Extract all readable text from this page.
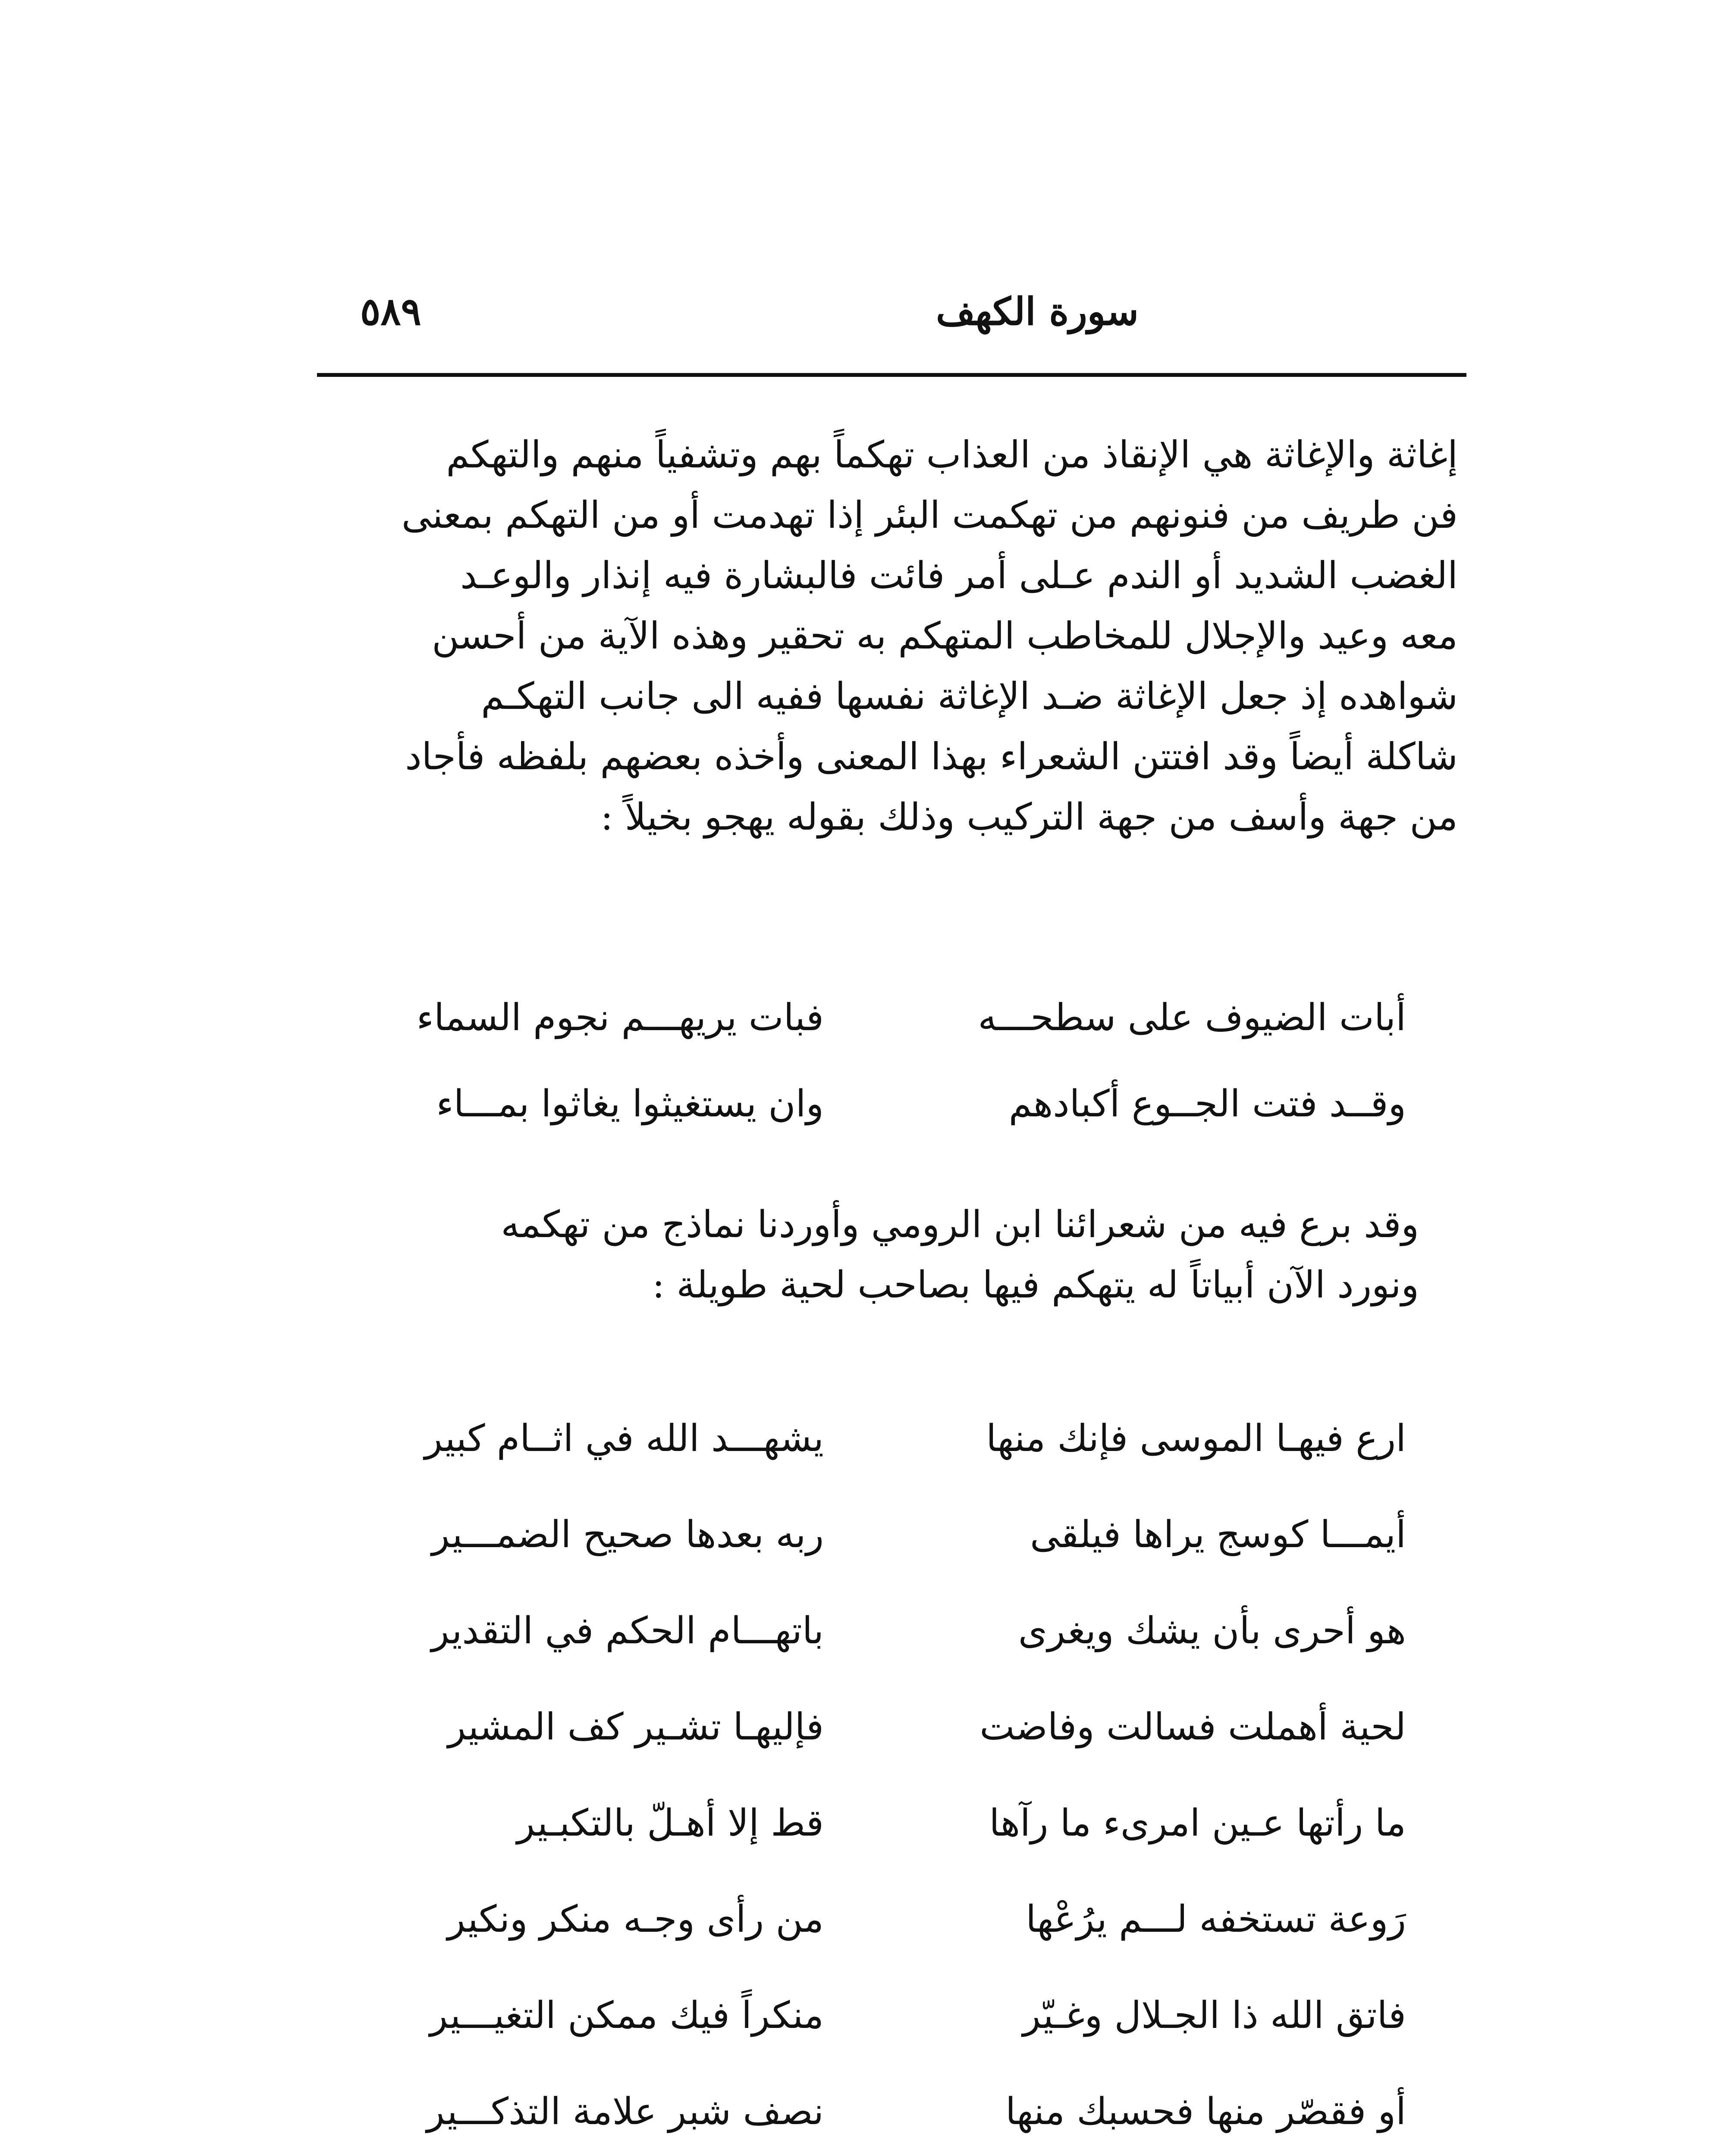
سورة الكهف
٥٨٩

إغاثة والإغاثة هي الإنقاذ من العذاب تهكماً بهم وتشفياً منهم والتهكم

فن طريف من فنونهم من تهكمت البئر إذا تهدمت أو من التهكم بمعنى

الغضب الشديد أو الندم عـلى أمر فائت فالبشارة فيه إنذار والوعـد

معه وعيد والإجلال للمخاطب المتهكم به تحقير وهذه الآية من أحسن

شواهده إذ جعل الإغاثة ضـد الإغاثة نفسها ففيه الى جانب التهكـم

شاكلة أيضاً وقد افتتن الشعراء بهذا المعنى وأخذه بعضهم بلفظه فأجاد

من جهة وأسف من جهة التركيب وذلك بقوله يهجو بخيلاً :

أبات الضيوف على سطحـــه
فبات يريهـــم نجوم السماء
وقــد فتت الجــوع أكبادهم
وان يستغيثوا يغاثوا بمـــاء

وقد برع فيه من شعرائنا ابن الرومي وأوردنا نماذج من تهكمه

ونورد الآن أبياتاً له يتهكم فيها بصاحب لحية طويلة :

ارع فيهـا الموسى فإنك منها
يشهـــد الله في اثــام كبير
أيمـــا كوسج يراها فيلقى
ربه بعدها صحيح الضمـــير
هو أحرى بأن يشك ويغرى
باتهـــام الحكم في التقدير
لحية أهملت فسالت وفاضت
فإليهـا تشـير كف المشير
ما رأتها عـين امرىء ما رآها
قط إلا أهـلّ بالتكبـير
رَوعة تستخفه لـــم يرُعْها
من رأى وجـه منكر ونكير
فاتق الله ذا الجـلال وغـيّر
منكراً فيك ممكن التغيـــير
أو فقصّر منها فحسبك منها
نصف شبر علامة التذكـــير
